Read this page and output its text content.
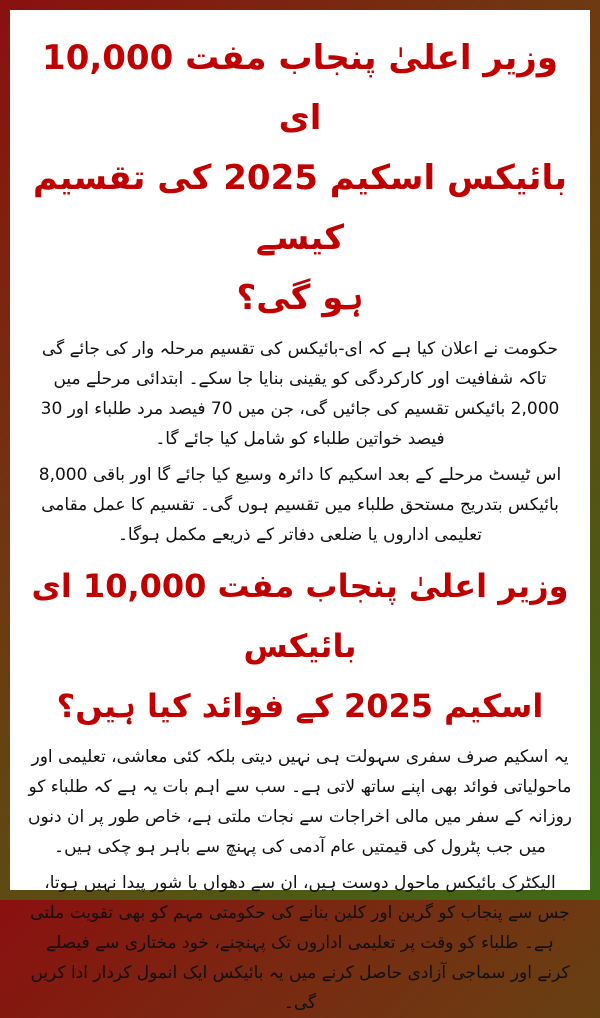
وزیر اعلیٰ پنجاب مفت 10,000 ای
بائیکس اسکیم 2025 کی تقسیم کیسے
ہو گی؟

حکومت نے اعلان کیا ہے کہ ای-بائیکس کی تقسیم مرحلہ وار کی جائے گی تاکہ شفافیت اور کارکردگی کو یقینی بنایا جا سکے۔ ابتدائی مرحلے میں 2,000 بائیکس تقسیم کی جائیں گی، جن میں 70 فیصد مرد طلباء اور 30 فیصد خواتین طلباء کو شامل کیا جائے گا۔

اس ٹیسٹ مرحلے کے بعد اسکیم کا دائرہ وسیع کیا جائے گا اور باقی 8,000 بائیکس بتدریج مستحق طلباء میں تقسیم ہوں گی۔ تقسیم کا عمل مقامی تعلیمی اداروں یا ضلعی دفاتر کے ذریعے مکمل ہوگا۔

وزیر اعلیٰ پنجاب مفت 10,000 ای بائیکس
اسکیم 2025 کے فوائد کیا ہیں؟

یہ اسکیم صرف سفری سہولت ہی نہیں دیتی بلکہ کئی معاشی، تعلیمی اور ماحولیاتی فوائد بھی اپنے ساتھ لاتی ہے۔ سب سے اہم بات یہ ہے کہ طلباء کو روزانہ کے سفر میں مالی اخراجات سے نجات ملتی ہے، خاص طور پر ان دنوں میں جب پٹرول کی قیمتیں عام آدمی کی پہنچ سے باہر ہو چکی ہیں۔

الیکٹرک بائیکس ماحول دوست ہیں، ان سے دھواں یا شور پیدا نہیں ہوتا، جس سے پنجاب کو گرین اور کلین بنانے کی حکومتی مہم کو بھی تقویت ملتی ہے۔ طلباء کو وقت پر تعلیمی اداروں تک پہنچنے، خود مختاری سے فیصلے کرنے اور سماجی آزادی حاصل کرنے میں یہ بائیکس ایک انمول کردار ادا کریں گی۔
